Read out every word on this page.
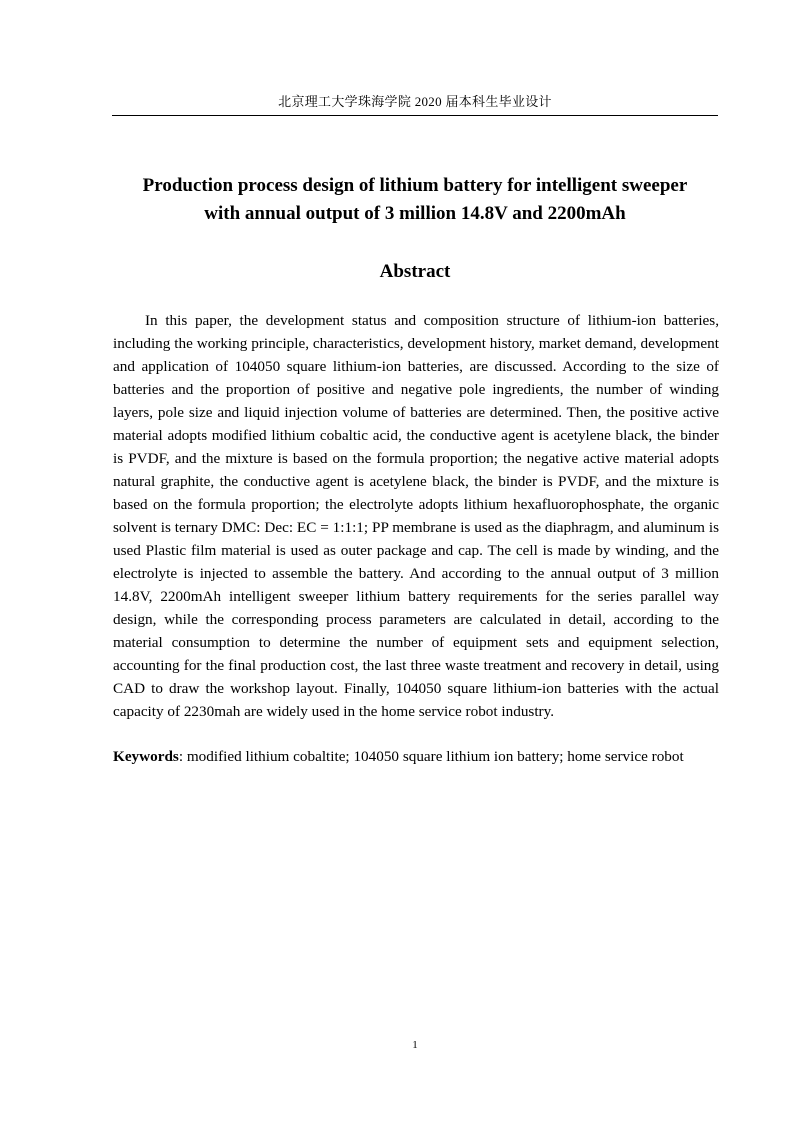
北京理工大学珠海学院 2020 届本科生毕业设计
Production process design of lithium battery for intelligent sweeper
with annual output of 3 million 14.8V and 2200mAh
Abstract

In this paper, the development status and composition structure of lithium-ion batteries, including the working principle, characteristics, development history, market demand, development and application of 104050 square lithium-ion batteries, are discussed. According to the size of batteries and the proportion of positive and negative pole ingredients, the number of winding layers, pole size and liquid injection volume of batteries are determined. Then, the positive active material adopts modified lithium cobaltic acid, the conductive agent is acetylene black, the binder is PVDF, and the mixture is based on the formula proportion; the negative active material adopts natural graphite, the conductive agent is acetylene black, the binder is PVDF, and the mixture is based on the formula proportion; the electrolyte adopts lithium hexafluorophosphate, the organic solvent is ternary DMC: Dec: EC = 1:1:1; PP membrane is used as the diaphragm, and aluminum is used Plastic film material is used as outer package and cap. The cell is made by winding, and the electrolyte is injected to assemble the battery. And according to the annual output of 3 million 14.8V, 2200mAh intelligent sweeper lithium battery requirements for the series parallel way design, while the corresponding process parameters are calculated in detail, according to the material consumption to determine the number of equipment sets and equipment selection, accounting for the final production cost, the last three waste treatment and recovery in detail, using CAD to draw the workshop layout. Finally, 104050 square lithium-ion batteries with the actual capacity of 2230mah are widely used in the home service robot industry.

Keywords: modified lithium cobaltite; 104050 square lithium ion battery; home service robot

1
